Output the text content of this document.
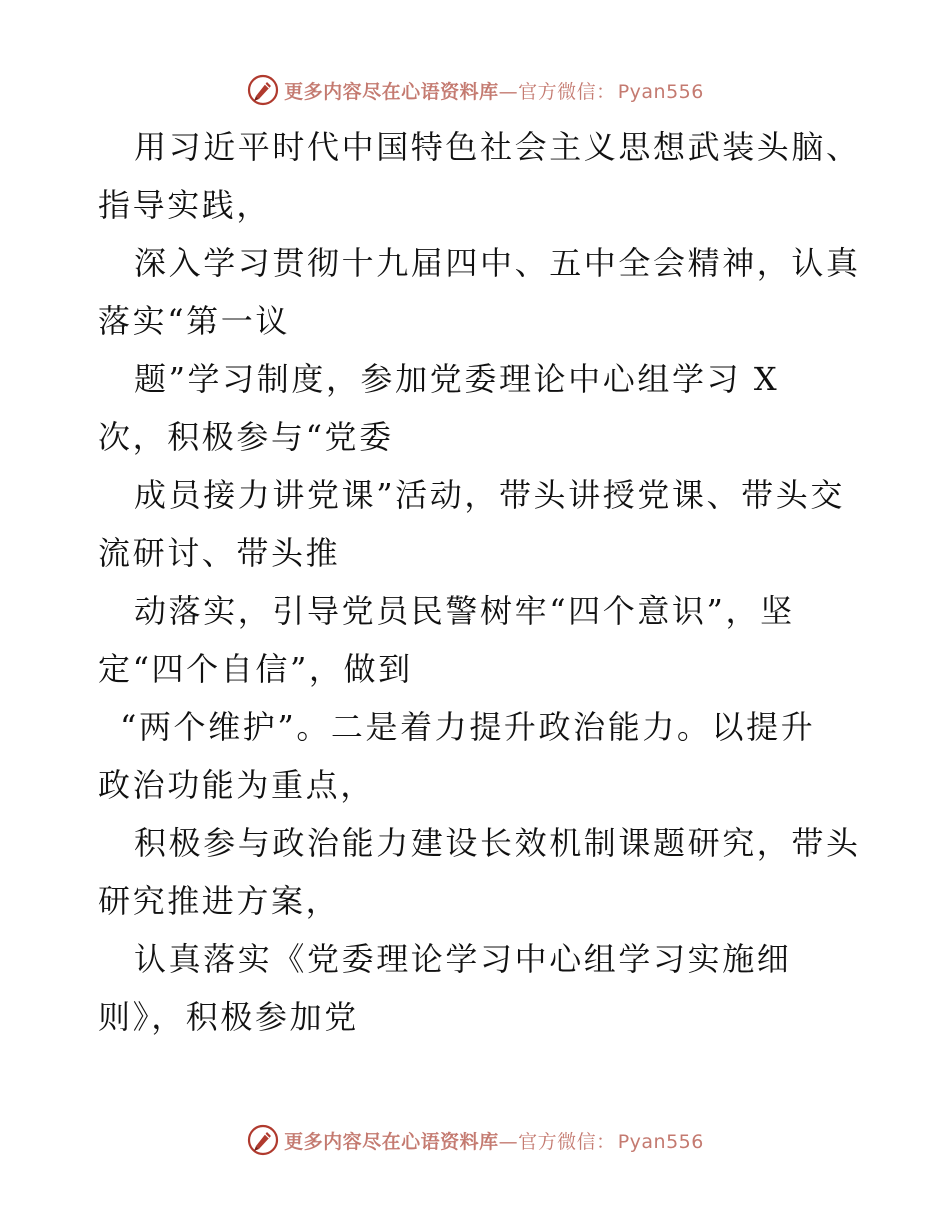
更多内容尽在心语资料库—官方微信： Pyan556
用习近平时代中国特色社会主义思想武装头脑、
指导实践，
深入学习贯彻十九届四中、五中全会精神，认真
落实“第一议
题”学习制度，参加党委理论中心组学习 X
次，积极参与“党委
成员接力讲党课”活动，带头讲授党课、带头交
流研讨、带头推
动落实，引导党员民警树牢“四个意识”，坚
定“四个自信”，做到
“两个维护”。二是着力提升政治能力。以提升
政治功能为重点，
积极参与政治能力建设长效机制课题研究，带头
研究推进方案，
认真落实《党委理论学习中心组学习实施细
则》，积极参加党
更多内容尽在心语资料库—官方微信： Pyan556
